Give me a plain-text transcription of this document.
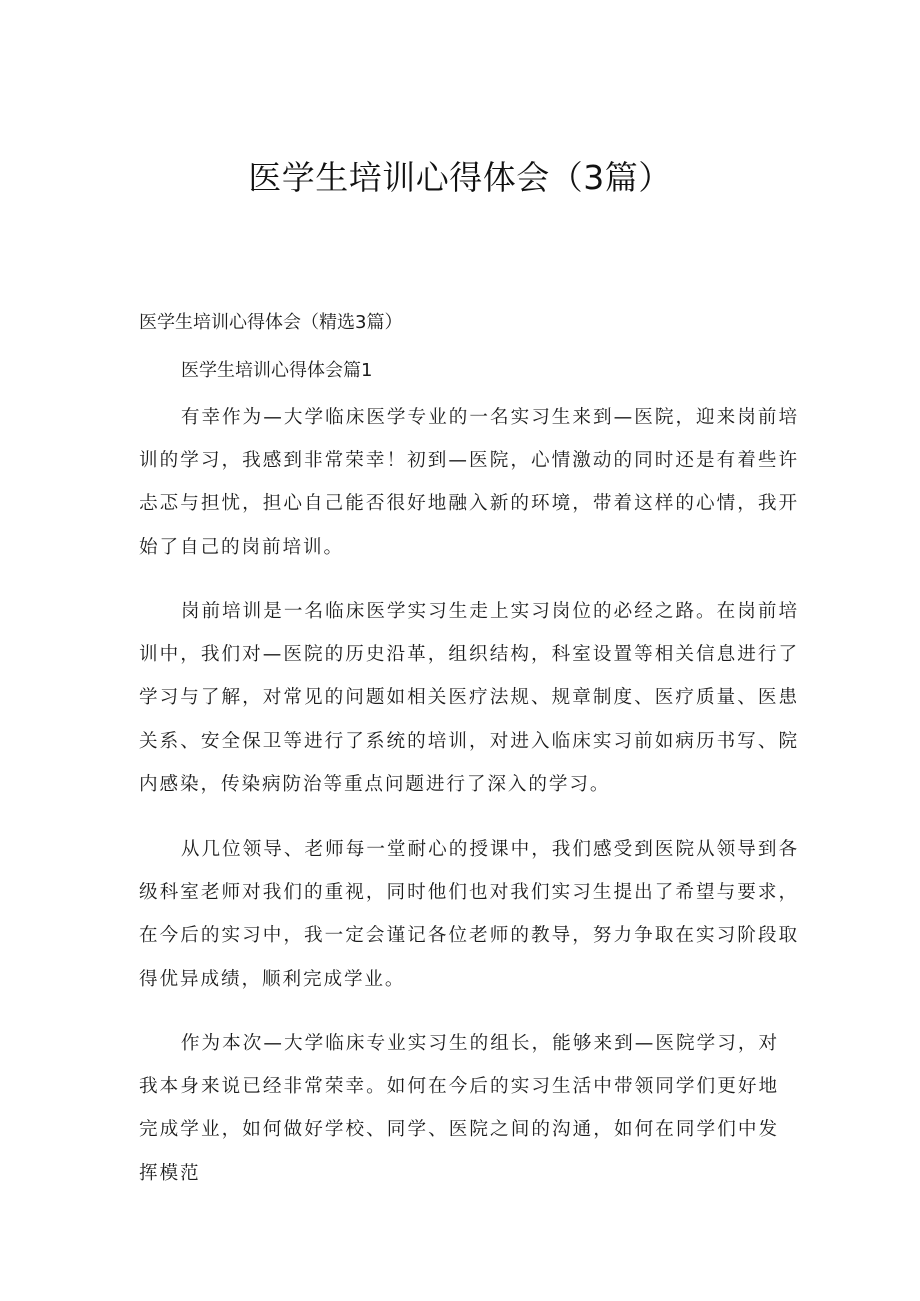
医学生培训心得体会（3篇）
医学生培训心得体会（精选3篇）
医学生培训心得体会篇1

有幸作为—大学临床医学专业的一名实习生来到—医院，迎来岗前培训的学习，我感到非常荣幸！初到—医院，心情激动的同时还是有着些许忐忑与担忧，担心自己能否很好地融入新的环境，带着这样的心情，我开始了自己的岗前培训。

岗前培训是一名临床医学实习生走上实习岗位的必经之路。在岗前培训中，我们对—医院的历史沿革，组织结构，科室设置等相关信息进行了学习与了解，对常见的问题如相关医疗法规、规章制度、医疗质量、医患关系、安全保卫等进行了系统的培训，对进入临床实习前如病历书写、院内感染，传染病防治等重点问题进行了深入的学习。

从几位领导、老师每一堂耐心的授课中，我们感受到医院从领导到各级科室老师对我们的重视，同时他们也对我们实习生提出了希望与要求，在今后的实习中，我一定会谨记各位老师的教导，努力争取在实习阶段取得优异成绩，顺利完成学业。

作为本次—大学临床专业实习生的组长，能够来到—医院学习，对我本身来说已经非常荣幸。如何在今后的实习生活中带领同学们更好地完成学业，如何做好学校、同学、医院之间的沟通，如何在同学们中发挥模范
